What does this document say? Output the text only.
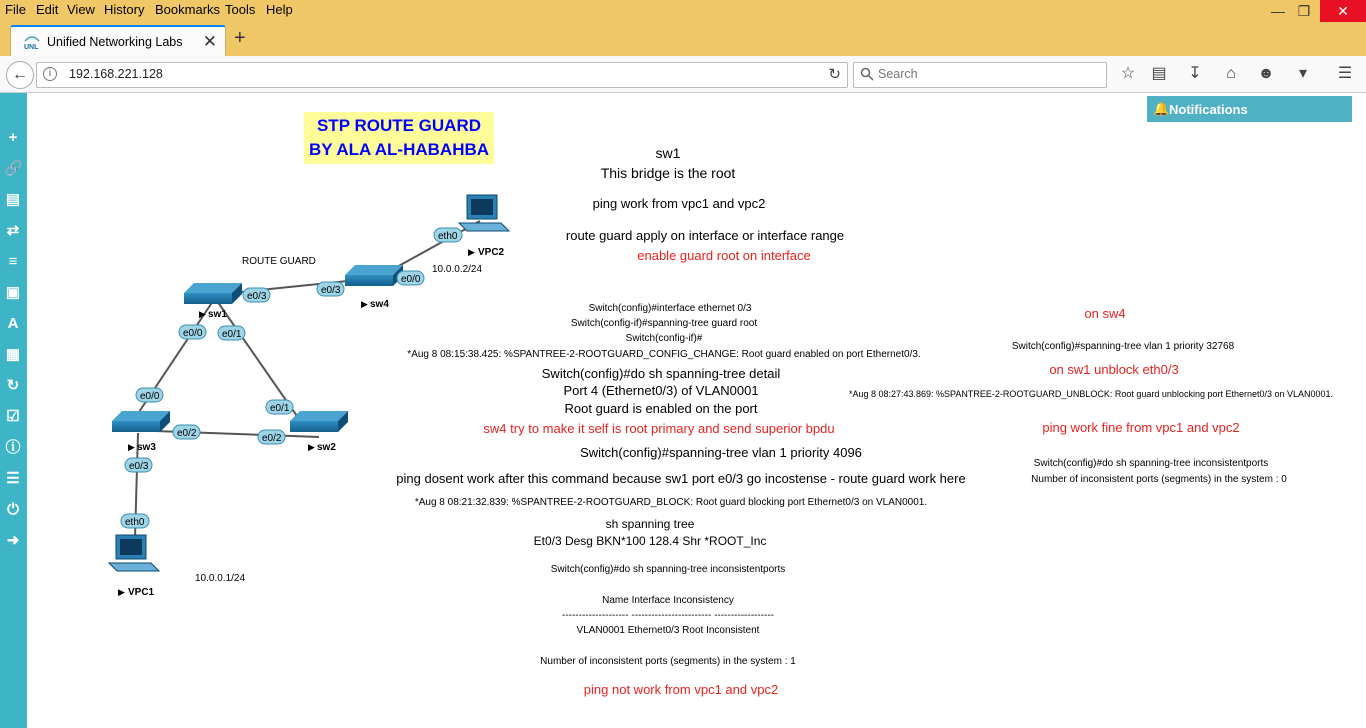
File Edit View History Bookmarks Tools Help	— ❐	✕
UNL Unified Networking Labs ✕ +
←	i	192.168.221.128	↻	Search	☆ ▤ ↧ ⌂ ☻	▾	☰
+
🔗
▤
⇄
≡
▣
A
▦
↻
☑
ⓘ
☰
⏻
➜
🔔 Notifications
STP ROUTE GUARD
BY ALA AL-HABAHBA
sw1
▶
sw4
▶
sw3
▶	sw2
▶
VPC2
▶
VPC1
▶
e0/3
e0/3
e0/0
eth0
e0/0 e0/1
e0/0
e0/1
e0/2	e0/2
e0/3
eth0
ROUTE GUARD
10.0.0.2/24
10.0.0.1/24
sw1
This bridge is the root
ping work from vpc1 and vpc2
route guard apply on interface or interface range
enable guard root on interface
Switch(config)#interface ethernet 0/3
Switch(config-if)#spanning-tree guard root
Switch(config-if)#
*Aug 8 08:15:38.425: %SPANTREE-2-ROOTGUARD_CONFIG_CHANGE: Root guard enabled on port Ethernet0/3.
Switch(config)#do sh spanning-tree detail
Port 4 (Ethernet0/3) of VLAN0001
Root guard is enabled on the port
sw4 try to make it self is root primary and send superior bpdu
Switch(config)#spanning-tree vlan 1 priority 4096
ping dosent work after this command because sw1 port e0/3 go incostense - route guard work here
*Aug 8 08:21:32.839: %SPANTREE-2-ROOTGUARD_BLOCK: Root guard blocking port Ethernet0/3 on VLAN0001.
sh spanning tree
Et0/3 Desg BKN*100 128.4 Shr *ROOT_Inc
Switch(config)#do sh spanning-tree inconsistentports
Name Interface Inconsistency
-------------------- ------------------------ ------------------
VLAN0001 Ethernet0/3 Root Inconsistent
Number of inconsistent ports (segments) in the system : 1
ping not work from vpc1 and vpc2
on sw4
Switch(config)#spanning-tree vlan 1 priority 32768
on sw1 unblock eth0/3
*Aug 8 08:27:43.869: %SPANTREE-2-ROOTGUARD_UNBLOCK: Root guard unblocking port Ethernet0/3 on VLAN0001.
ping work fine from vpc1 and vpc2
Switch(config)#do sh spanning-tree inconsistentports
Number of inconsistent ports (segments) in the system : 0
